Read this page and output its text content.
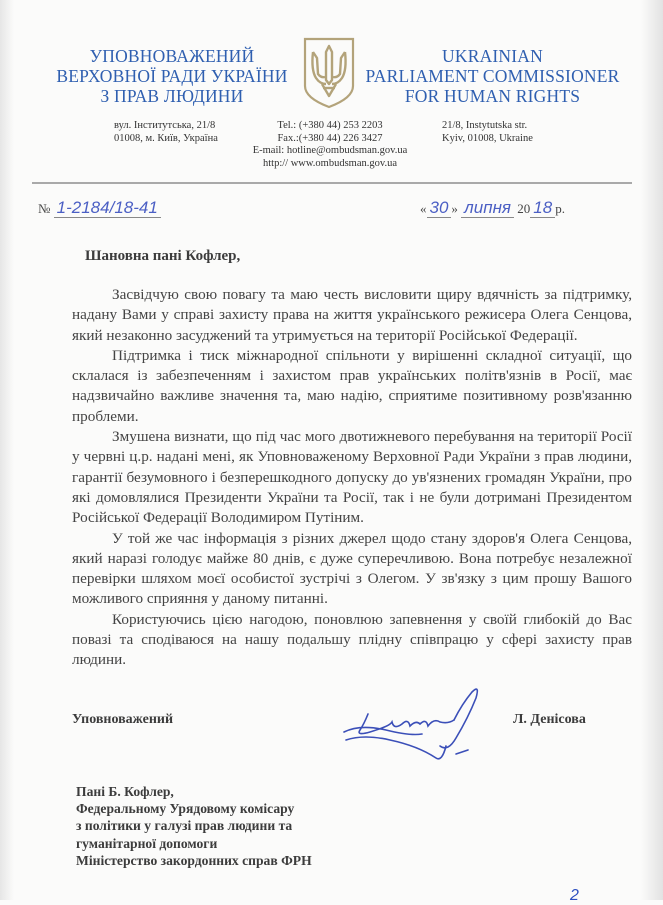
УПОВНОВАЖЕНИЙ
ВЕРХОВНОЇ РАДИ УКРАЇНИ
З ПРАВ ЛЮДИНИ
UKRAINIAN
PARLIAMENT COMMISSIONER
FOR HUMAN RIGHTS
вул. Інститутська, 21/8
01008, м. Київ, Україна
Tel.: (+380 44) 253 2203
Fax.:(+380 44) 226 3427
E-mail: hotline@ombudsman.gov.ua
http:// www.ombudsman.gov.ua
21/8, Instytutska str.
Kyiv, 01008, Ukraine
№ 1-2184/18-41	« 30 » липня 20 18 р.
Шановна пані Кофлер,

Засвідчую свою повагу та маю честь висловити щиру вдячність за підтримку, надану Вами у справі захисту права на життя українського режисера Олега Сенцова, який незаконно засуджений та утримується на території Російської Федерації.

Підтримка і тиск міжнародної спільноти у вирішенні складної ситуації, що склалася із забезпеченням і захистом прав українських політв'язнів в Росії, має надзвичайно важливе значення та, маю надію, сприятиме позитивному розв'язанню проблеми.

Змушена визнати, що під час мого двотижневого перебування на території Росії у червні ц.р. надані мені, як Уповноваженому Верховної Ради України з прав людини, гарантії безумовного і безперешкодного допуску до ув'язнених громадян України, про які домовлялися Президенти України та Росії, так і не були дотримані Президентом Російської Федерації Володимиром Путіним.

У той же час інформація з різних джерел щодо стану здоров'я Олега Сенцова, який наразі голодує майже 80 днів, є дуже суперечливою. Вона потребує незалежної перевірки шляхом моєї особистої зустрічі з Олегом. У зв'язку з цим прошу Вашого можливого сприяння у даному питанні.

Користуючись цією нагодою, поновлюю запевнення у своїй глибокій до Вас повазі та сподіваюся на нашу подальшу плідну співпрацю у сфері захисту прав людини.

Уповноважений	Л. Денісова
Пані Б. Кофлер,
Федеральному Урядовому комісару
з політики у галузі прав людини та
гуманітарної допомоги
Міністерство закордонних справ ФРН
2
